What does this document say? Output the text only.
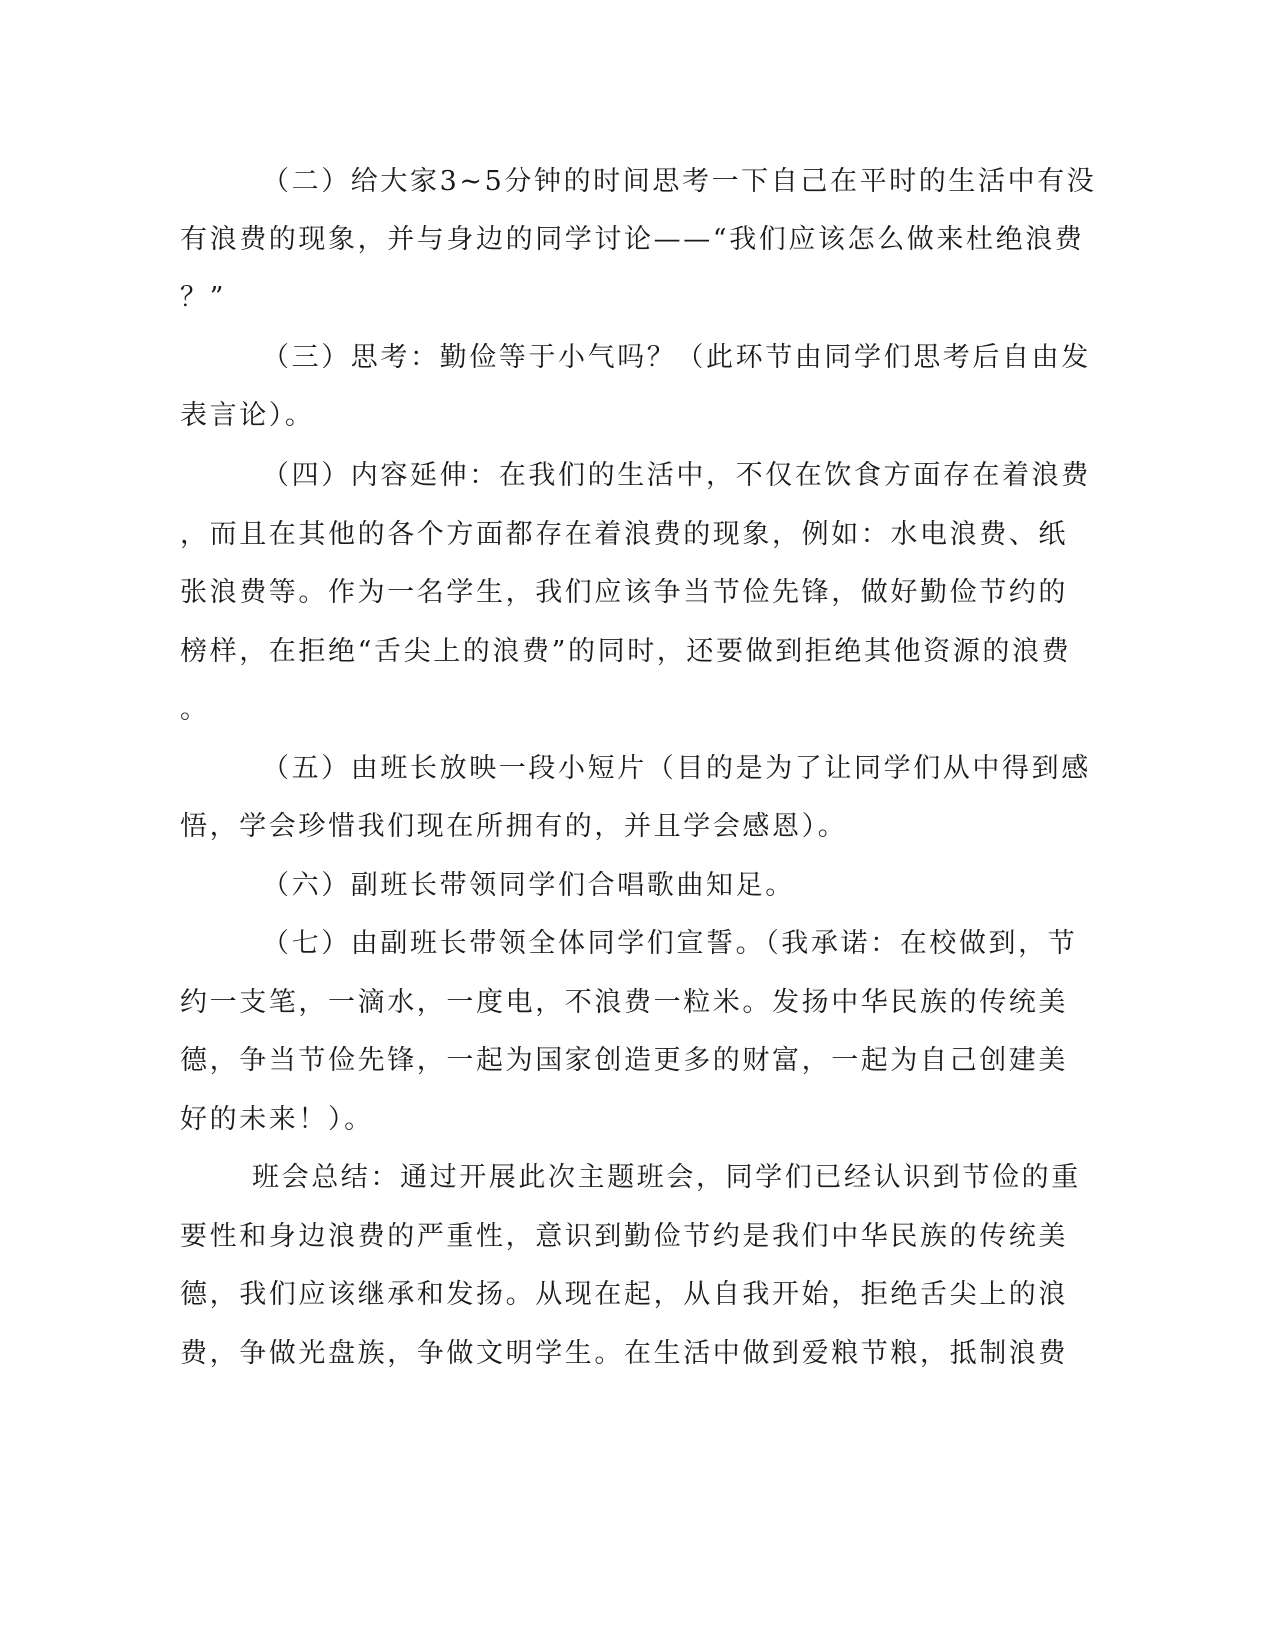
（二）给大家3~5分钟的时间思考一下自己在平时的生活中有没
有浪费的现象，并与身边的同学讨论——“我们应该怎么做来杜绝浪费
？”
（三）思考：勤俭等于小气吗？（此环节由同学们思考后自由发
表言论）。
（四）内容延伸：在我们的生活中，不仅在饮食方面存在着浪费
，而且在其他的各个方面都存在着浪费的现象，例如：水电浪费、纸
张浪费等。作为一名学生，我们应该争当节俭先锋，做好勤俭节约的
榜样，在拒绝“舌尖上的浪费”的同时，还要做到拒绝其他资源的浪费
。
（五）由班长放映一段小短片（目的是为了让同学们从中得到感
悟，学会珍惜我们现在所拥有的，并且学会感恩）。
（六）副班长带领同学们合唱歌曲知足。
（七）由副班长带领全体同学们宣誓。（我承诺：在校做到，节
约一支笔，一滴水，一度电，不浪费一粒米。发扬中华民族的传统美
德，争当节俭先锋，一起为国家创造更多的财富，一起为自己创建美
好的未来！）。
班会总结：通过开展此次主题班会，同学们已经认识到节俭的重
要性和身边浪费的严重性，意识到勤俭节约是我们中华民族的传统美
德，我们应该继承和发扬。从现在起，从自我开始，拒绝舌尖上的浪
费，争做光盘族，争做文明学生。在生活中做到爱粮节粮，抵制浪费
